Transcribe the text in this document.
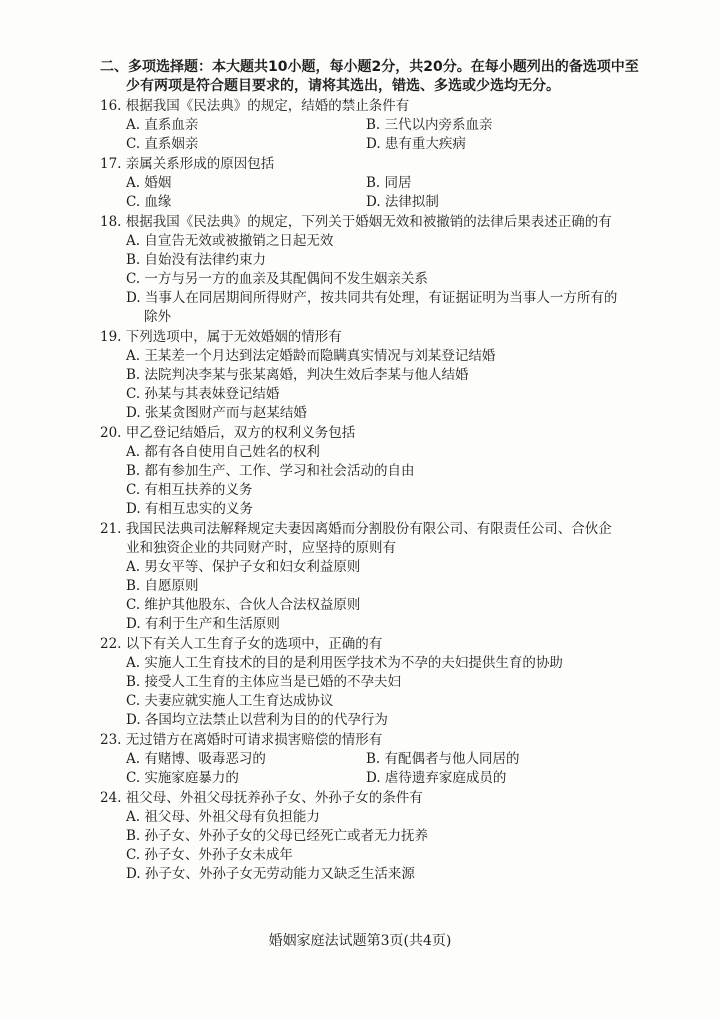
二、多项选择题：本大题共10小题，每小题2分，共20分。在每小题列出的备选项中至
少有两项是符合题目要求的，请将其选出，错选、多选或少选均无分。
16. 根据我国《民法典》的规定，结婚的禁止条件有
A. 直系血亲	B. 三代以内旁系血亲
C. 直系姻亲	D. 患有重大疾病
17. 亲属关系形成的原因包括
A. 婚姻	B. 同居
C. 血缘	D. 法律拟制
18. 根据我国《民法典》的规定，下列关于婚姻无效和被撤销的法律后果表述正确的有
A. 自宣告无效或被撤销之日起无效
B. 自始没有法律约束力
C. 一方与另一方的血亲及其配偶间不发生姻亲关系
D. 当事人在同居期间所得财产，按共同共有处理，有证据证明为当事人一方所有的
除外
19. 下列选项中，属于无效婚姻的情形有
A. 王某差一个月达到法定婚龄而隐瞒真实情况与刘某登记结婚
B. 法院判决李某与张某离婚，判决生效后李某与他人结婚
C. 孙某与其表妹登记结婚
D. 张某贪图财产而与赵某结婚
20. 甲乙登记结婚后，双方的权利义务包括
A. 都有各自使用自己姓名的权利
B. 都有参加生产、工作、学习和社会活动的自由
C. 有相互扶养的义务
D. 有相互忠实的义务
21. 我国民法典司法解释规定夫妻因离婚而分割股份有限公司、有限责任公司、合伙企
业和独资企业的共同财产时，应坚持的原则有
A. 男女平等、保护子女和妇女利益原则
B. 自愿原则
C. 维护其他股东、合伙人合法权益原则
D. 有利于生产和生活原则
22. 以下有关人工生育子女的选项中，正确的有
A. 实施人工生育技术的目的是利用医学技术为不孕的夫妇提供生育的协助
B. 接受人工生育的主体应当是已婚的不孕夫妇
C. 夫妻应就实施人工生育达成协议
D. 各国均立法禁止以营利为目的的代孕行为
23. 无过错方在离婚时可请求损害赔偿的情形有
A. 有赌博、吸毒恶习的	B. 有配偶者与他人同居的
C. 实施家庭暴力的	D. 虐待遗弃家庭成员的
24. 祖父母、外祖父母抚养孙子女、外孙子女的条件有
A. 祖父母、外祖父母有负担能力
B. 孙子女、外孙子女的父母已经死亡或者无力抚养
C. 孙子女、外孙子女未成年
D. 孙子女、外孙子女无劳动能力又缺乏生活来源
婚姻家庭法试题第3页(共4页)
